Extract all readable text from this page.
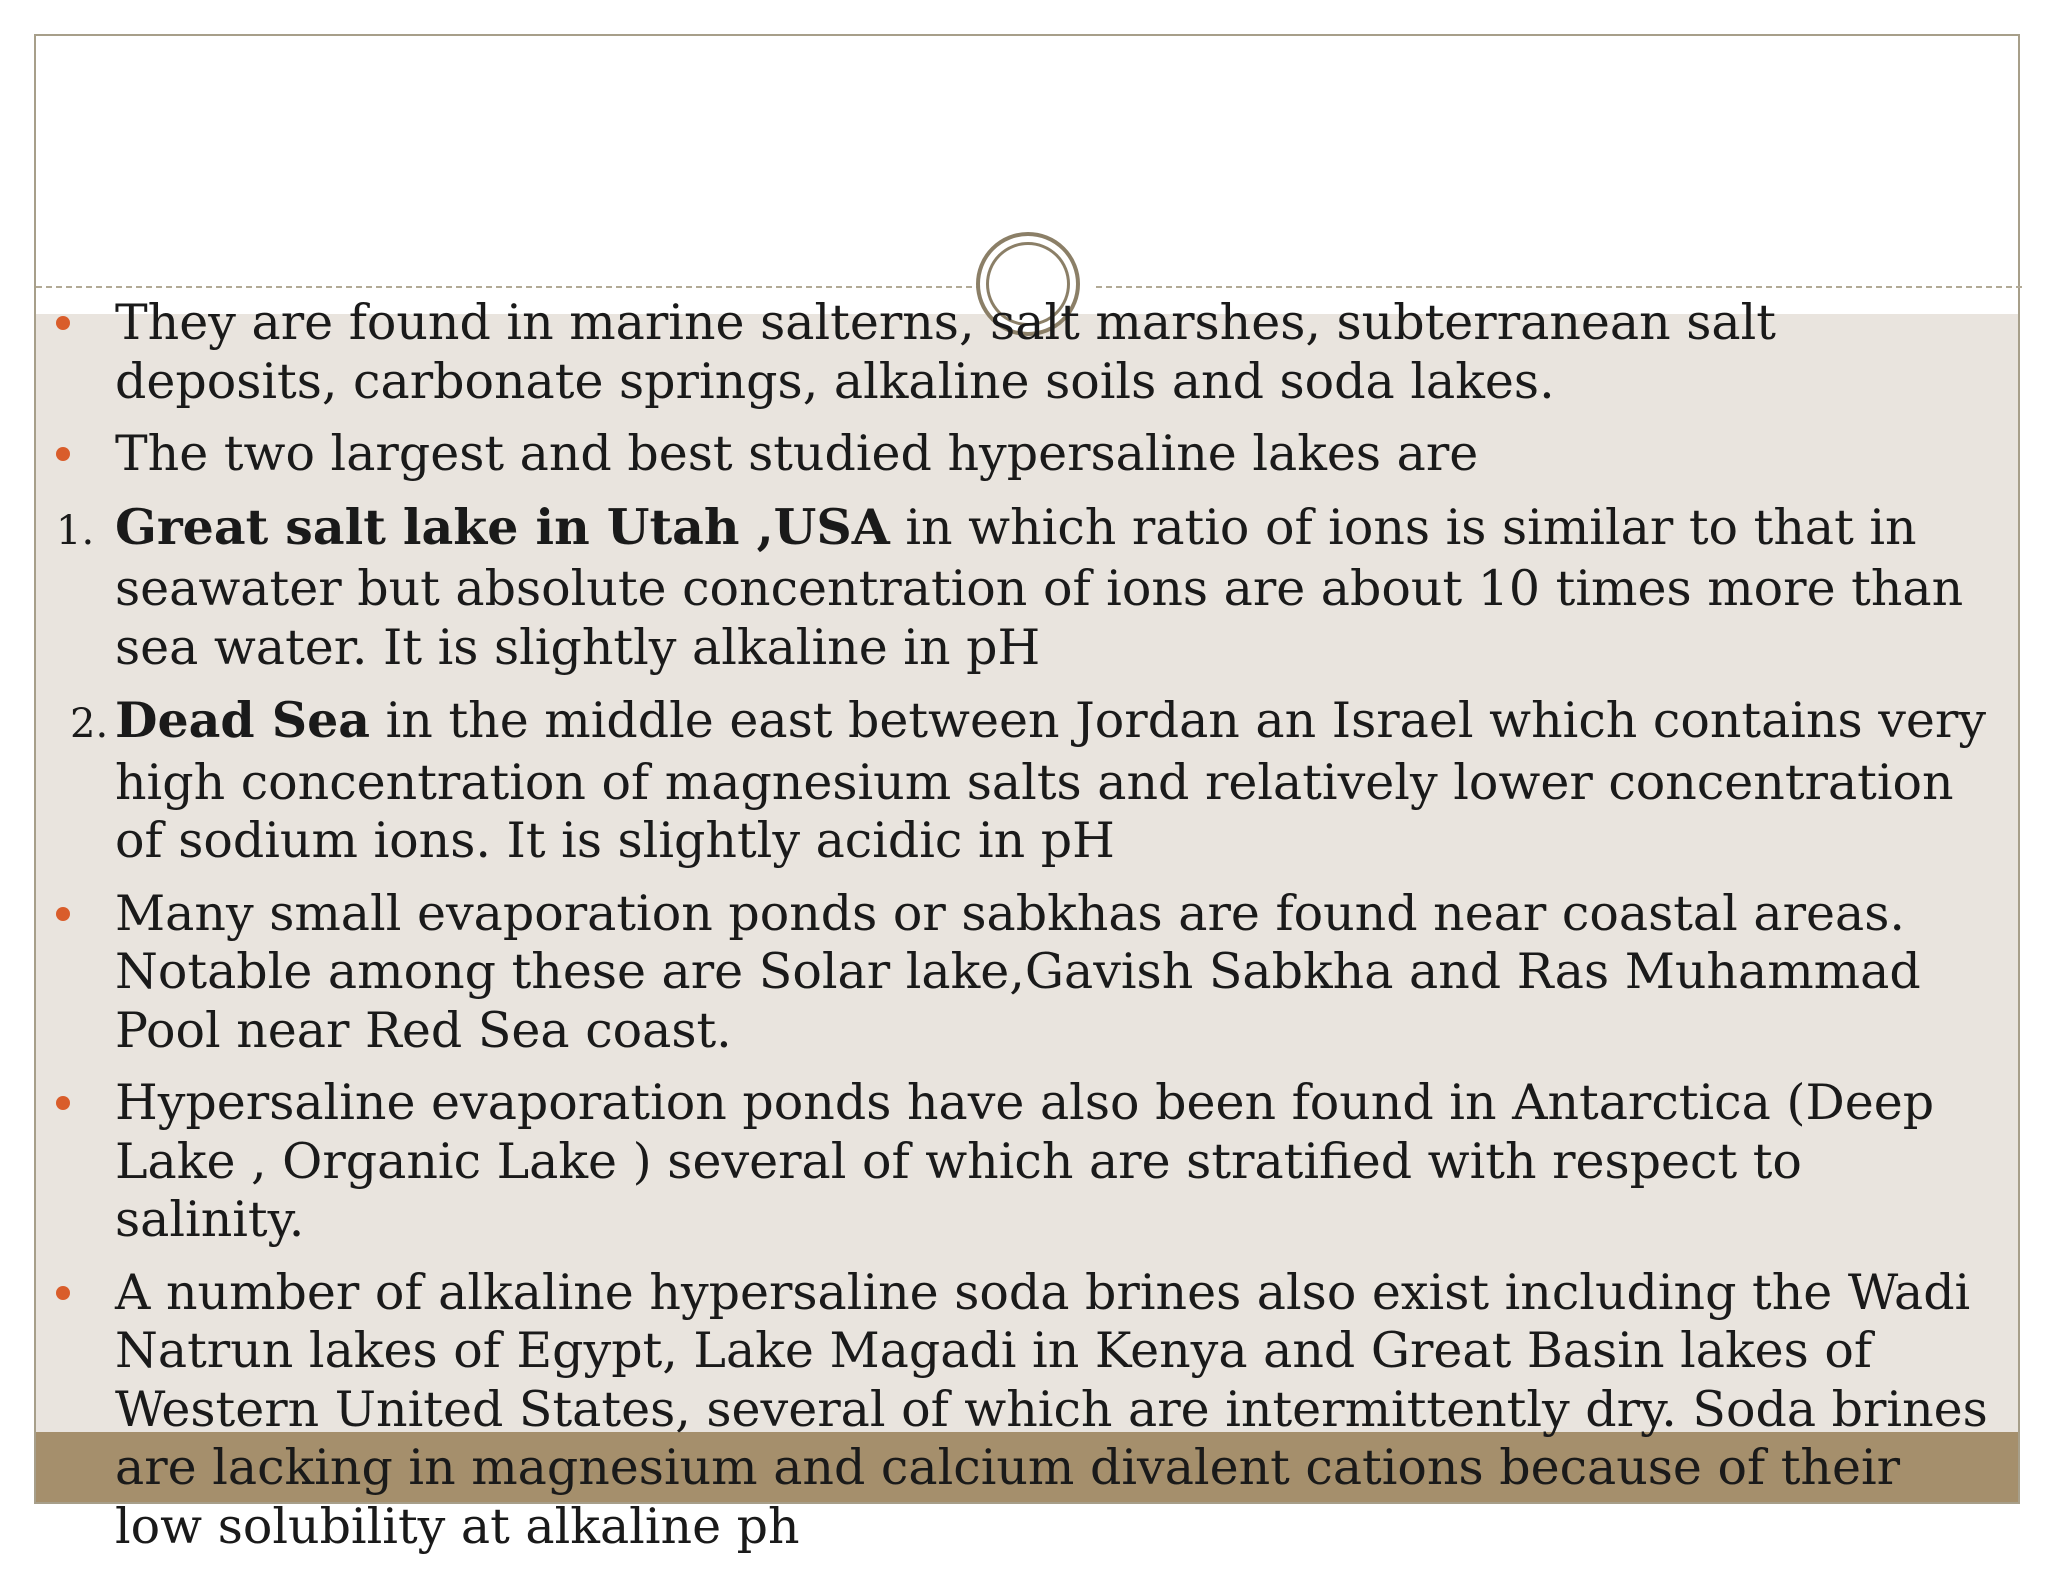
They are found in marine salterns, salt marshes, subterranean salt deposits, carbonate springs, alkaline soils and soda lakes.
The two largest and best studied hypersaline lakes are
1. Great salt lake in Utah ,USA in which ratio of ions is similar to that in seawater but absolute concentration of ions are about 10 times more than sea water. It is slightly alkaline in pH
2. Dead Sea in the middle east between Jordan an Israel which contains very high concentration of magnesium salts and relatively lower concentration of sodium ions. It is slightly acidic in pH
Many small evaporation ponds or sabkhas are found near coastal areas. Notable among these are Solar lake,Gavish Sabkha and Ras Muhammad Pool near Red Sea coast.
Hypersaline evaporation ponds have also been found in Antarctica (Deep Lake , Organic Lake ) several of which are stratified with respect to salinity.
A number of alkaline hypersaline soda brines also exist including the Wadi Natrun lakes of Egypt, Lake Magadi in Kenya and Great Basin lakes of Western United States, several of which are intermittently dry. Soda brines are lacking in magnesium and calcium divalent cations because of their low solubility at alkaline ph
